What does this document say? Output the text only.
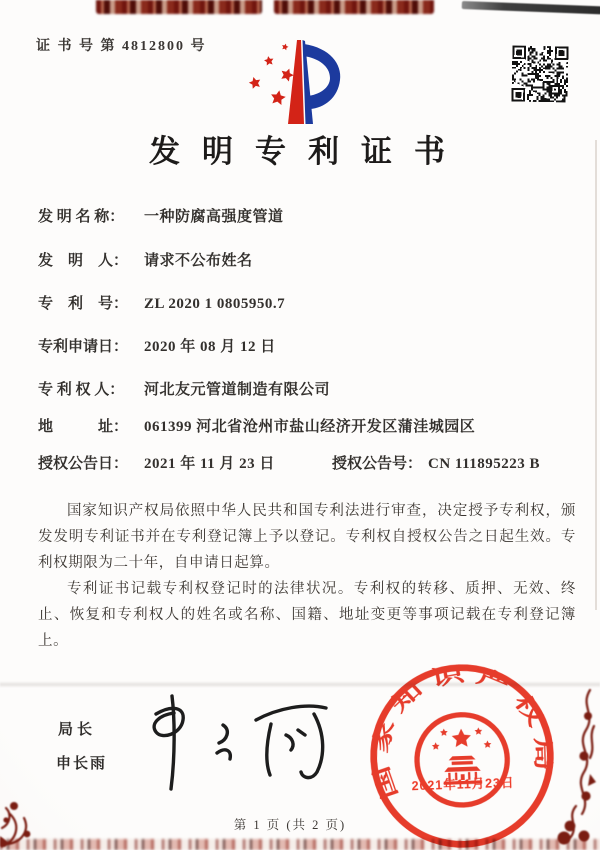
证 书 号 第 4812800 号
发明专利证书
发 明 名 称： 一种防腐高强度管道
发　明　人： 请求不公布姓名
专　利　号： ZL 2020 1 0805950.7
专利申请日： 2020 年 08 月 12 日
专 利 权 人： 河北友元管道制造有限公司
地　　　址： 061399 河北省沧州市盐山经济开发区蒲洼城园区
授权公告日： 2021 年 11 月 23 日	授权公告号： CN 111895223 B

国家知识产权局依照中华人民共和国专利法进行审查，决定授予专利权，颁发发明专利证书并在专利登记簿上予以登记。专利权自授权公告之日起生效。专利权期限为二十年，自申请日起算。

专利证书记载专利权登记时的法律状况。专利权的转移、质押、无效、终止、恢复和专利权人的姓名或名称、国籍、地址变更等事项记载在专利登记簿上。

局长
申长雨
国 家 知 识 产 权 局
2021年11月23日
第 1 页 (共 2 页)
